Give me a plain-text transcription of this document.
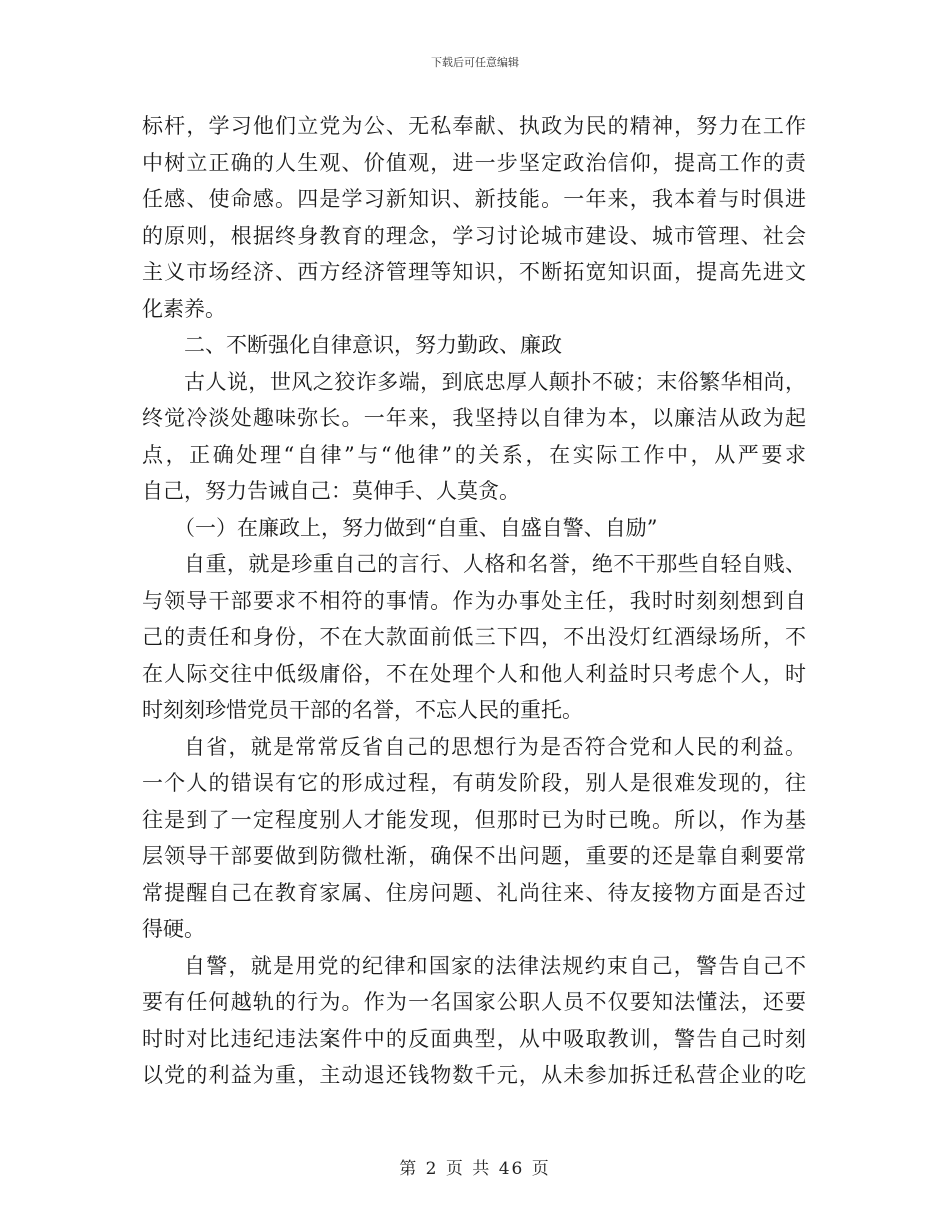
下载后可任意编辑
标杆，学习他们立党为公、无私奉献、执政为民的精神，努力在工作
中树立正确的人生观、价值观，进一步坚定政治信仰，提高工作的责
任感、使命感。四是学习新知识、新技能。一年来，我本着与时俱进
的原则，根据终身教育的理念，学习讨论城市建设、城市管理、社会
主义市场经济、西方经济管理等知识，不断拓宽知识面，提高先进文
化素养。
二、不断强化自律意识，努力勤政、廉政
古人说，世风之狡诈多端，到底忠厚人颠扑不破；末俗繁华相尚，
终觉冷淡处趣味弥长。一年来，我坚持以自律为本，以廉洁从政为起
点，正确处理“自律”与“他律”的关系，在实际工作中，从严要求
自己，努力告诫自己：莫伸手、人莫贪。
（一）在廉政上，努力做到“自重、自盛自警、自励”
自重，就是珍重自己的言行、人格和名誉，绝不干那些自轻自贱、
与领导干部要求不相符的事情。作为办事处主任，我时时刻刻想到自
己的责任和身份，不在大款面前低三下四，不出没灯红酒绿场所，不
在人际交往中低级庸俗，不在处理个人和他人利益时只考虑个人，时
时刻刻珍惜党员干部的名誉，不忘人民的重托。
自省，就是常常反省自己的思想行为是否符合党和人民的利益。
一个人的错误有它的形成过程，有萌发阶段，别人是很难发现的，往
往是到了一定程度别人才能发现，但那时已为时已晚。所以，作为基
层领导干部要做到防微杜渐，确保不出问题，重要的还是靠自剩要常
常提醒自己在教育家属、住房问题、礼尚往来、待友接物方面是否过
得硬。
自警，就是用党的纪律和国家的法律法规约束自己，警告自己不
要有任何越轨的行为。作为一名国家公职人员不仅要知法懂法，还要
时时对比违纪违法案件中的反面典型，从中吸取教训，警告自己时刻
以党的利益为重，主动退还钱物数千元，从未参加拆迁私营企业的吃
第 2 页 共 46 页
